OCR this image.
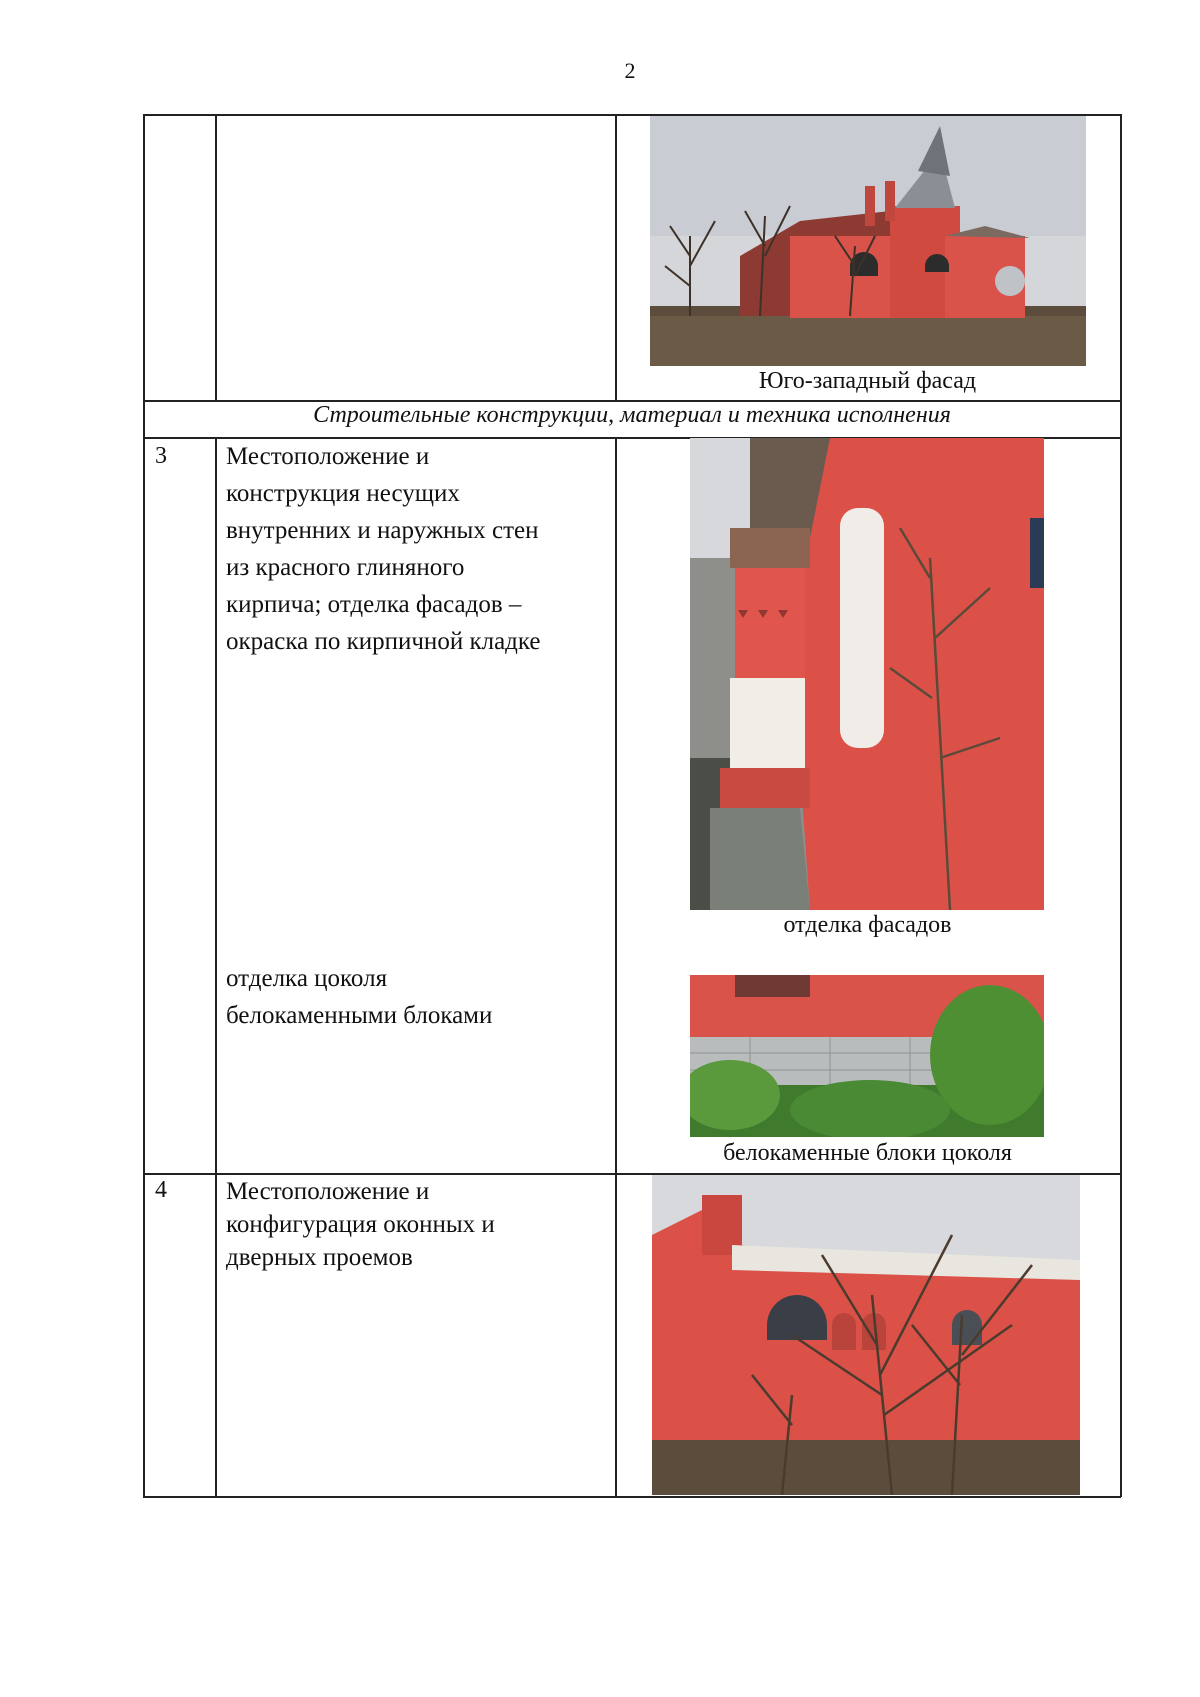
2
Юго-западный фасад
Строительные конструкции, материал и техника исполнения
3 Местоположение и
конструкция несущих
внутренних и наружных стен
из красного глиняного
кирпича; отделка фасадов –
окраска по кирпичной кладке
отделка фасадов
отделка цоколя
белокаменными блоками
белокаменные блоки цоколя
4 Местоположение и
конфигурация оконных и
дверных проемов
